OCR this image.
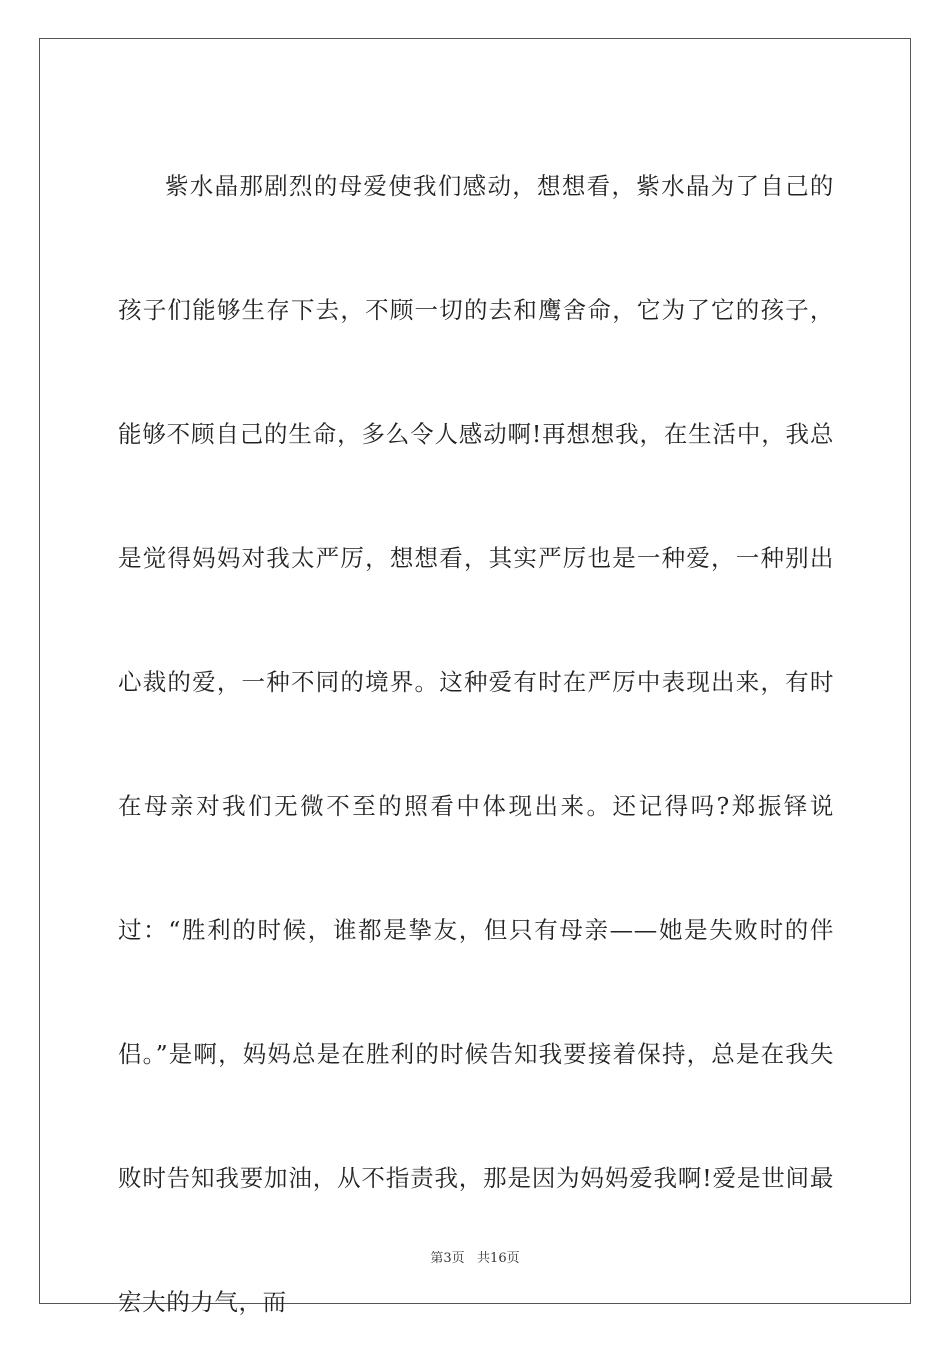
紫水晶那剧烈的母爱使我们感动，想想看，紫水晶为了自己的孩子们能够生存下去，不顾一切的去和鹰舍命，它为了它的孩子，能够不顾自己的生命，多么令人感动啊!再想想我，在生活中，我总是觉得妈妈对我太严厉，想想看，其实严厉也是一种爱，一种别出心裁的爱，一种不同的境界。这种爱有时在严厉中表现出来，有时在母亲对我们无微不至的照看中体现出来。还记得吗?郑振铎说过：“胜利的时候，谁都是挚友，但只有母亲——她是失败时的伴侣。”是啊，妈妈总是在胜利的时候告知我要接着保持，总是在我失败时告知我要加油，从不指责我，那是因为妈妈爱我啊!爱是世间最宏大的力气，而

第3页   共16页
